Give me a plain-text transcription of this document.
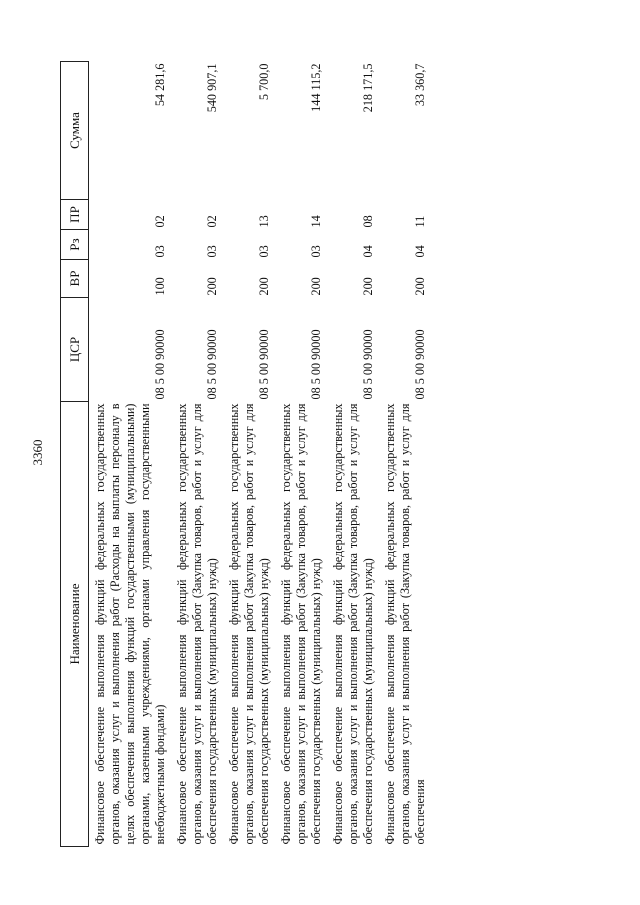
3360
Наименование	ЦСР	ВР	Рз	ПР	Сумма
Финансовое обеспечение выполнения функций федеральных государственных органов, оказания услуг и выполнения работ (Расходы на выплаты персоналу в целях обеспечения выполнения функций государственными (муниципальными) органами, казенными учреждениями, органами управления государственными внебюджетными фондами)	08 5 00 90000	100	03	02	54 281,6
Финансовое обеспечение выполнения функций федеральных государственных органов, оказания услуг и выполнения работ (Закупка товаров, работ и услуг для обеспечения государственных (муниципальных) нужд)	08 5 00 90000	200	03	02	540 907,1
Финансовое обеспечение выполнения функций федеральных государственных органов, оказания услуг и выполнения работ (Закупка товаров, работ и услуг для обеспечения государственных (муниципальных) нужд)	08 5 00 90000	200	03	13	5 700,0
Финансовое обеспечение выполнения функций федеральных государственных органов, оказания услуг и выполнения работ (Закупка товаров, работ и услуг для обеспечения государственных (муниципальных) нужд)	08 5 00 90000	200	03	14	144 115,2
Финансовое обеспечение выполнения функций федеральных государственных органов, оказания услуг и выполнения работ (Закупка товаров, работ и услуг для обеспечения государственных (муниципальных) нужд)	08 5 00 90000	200	04	08	218 171,5
Финансовое обеспечение выполнения функций федеральных государственных органов, оказания услуг и выполнения работ (Закупка товаров, работ и услуг для обеспечения	08 5 00 90000	200	04	11	33 360,7
